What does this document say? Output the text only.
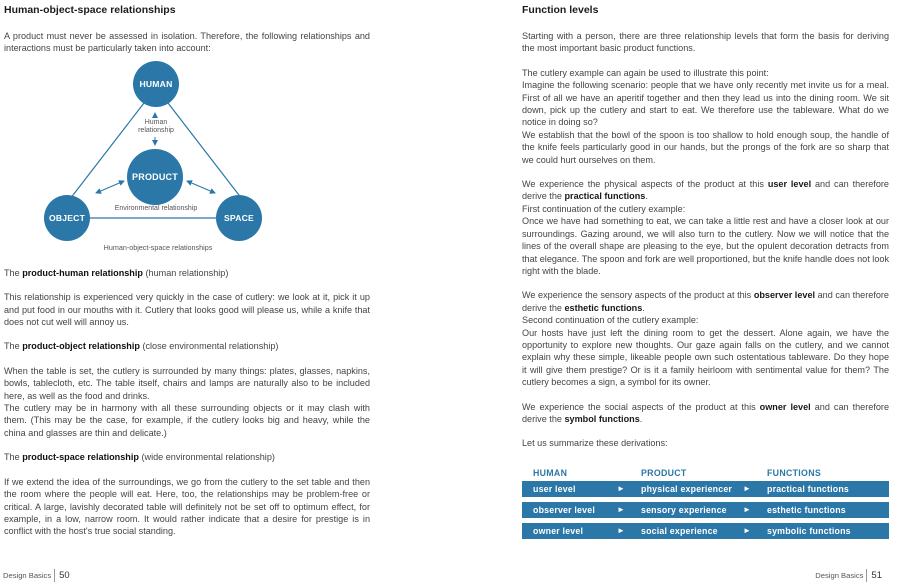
Human-object-space relationships

A product must never be assessed in isolation. Therefore, the following relationships and interactions must be particularly taken into account:

HUMAN
Human relationship
PRODUCT
Environmental relationship
OBJECT	SPACE
Human-object-space relationships

The product-human relationship (human relationship)

This relationship is experienced very quickly in the case of cutlery: we look at it, pick it up and put food in our mouths with it. Cutlery that looks good will please us, while a knife that does not cut well will annoy us.

The product-object relationship (close environmental relationship)

When the table is set, the cutlery is surrounded by many things: plates, glasses, napkins, bowls, tablecloth, etc. The table itself, chairs and lamps are naturally also to be included here, as well as the food and drinks.

The cutlery may be in harmony with all these surrounding objects or it may clash with them. (This may be the case, for example, if the cutlery looks big and heavy, while the china and glasses are thin and delicate.)

The product-space relationship (wide environmental relationship)

If we extend the idea of the surroundings, we go from the cutlery to the set table and then the room where the people will eat. Here, too, the relationships may be problem-free or critical. A large, lavishly decorated table will definitely not be set off to optimum effect, for example, in a low, narrow room. It would rather indicate that a desire for prestige is in conflict with the host's true social standing.

Design Basics 50
Function levels

Starting with a person, there are three relationship levels that form the basis for deriving the most important basic product functions.

The cutlery example can again be used to illustrate this point:

Imagine the following scenario: people that we have only recently met invite us for a meal. First of all we have an aperitif together and then they lead us into the dining room. We sit down, pick up the cutlery and start to eat. We therefore use the tableware. What do we notice in doing so?

We establish that the bowl of the spoon is too shallow to hold enough soup, the handle of the knife feels particularly good in our hands, but the prongs of the fork are so sharp that we could hurt ourselves on them.

We experience the physical aspects of the product at this user level and can therefore derive the practical functions.

First continuation of the cutlery example:

Once we have had something to eat, we can take a little rest and have a closer look at our surroundings. Gazing around, we will also turn to the cutlery. Now we will notice that the lines of the overall shape are pleasing to the eye, but the opulent decoration detracts from that elegance. The spoon and fork are well proportioned, but the knife handle does not look right with the blade.

We experience the sensory aspects of the product at this observer level and can therefore derive the esthetic functions.

Second continuation of the cutlery example:

Our hosts have just left the dining room to get the dessert. Alone again, we have the opportunity to explore new thoughts. Our gaze again falls on the cutlery, and we cannot explain why these simple, likeable people own such ostentatious tableware. Do they hope it will give them prestige? Or is it a family heirloom with sentimental value for them? The cutlery becomes a sign, a symbol for its owner.

We experience the social aspects of the product at this owner level and can therefore derive the symbol functions.

Let us summarize these derivations:

HUMAN	PRODUCT	FUNCTIONS
user level	►	physical experiencer	►	practical functions
observer level	►	sensory experience	►	esthetic functions
owner level	►	social experience	►	symbolic functions
Design Basics 51
